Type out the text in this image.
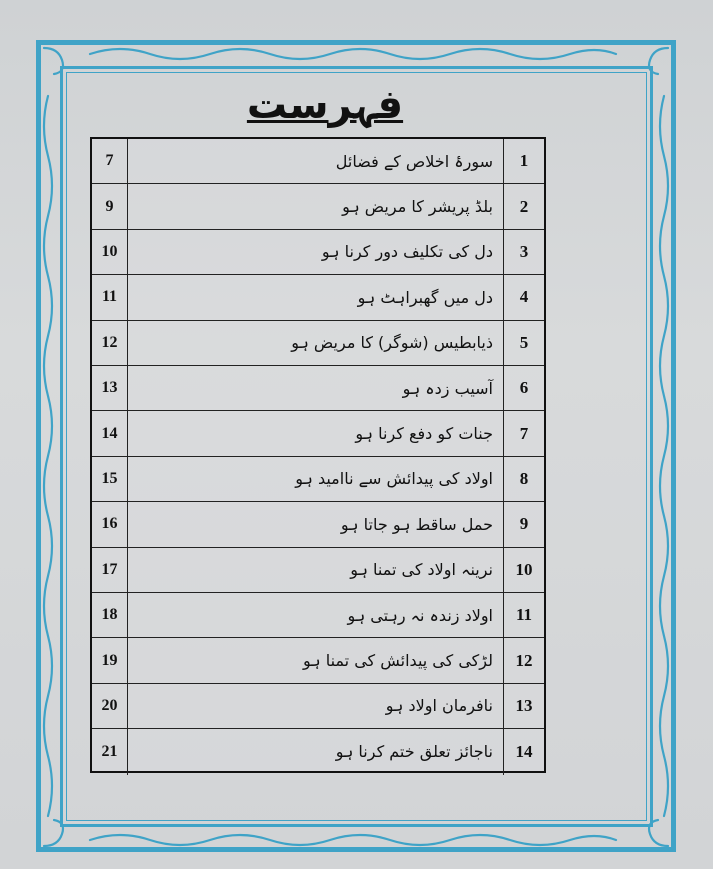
فہرست
7	سورۂ اخلاص کے فضائل	1
9	بلڈ پریشر کا مریض ہو	2
10	دل کی تکلیف دور کرنا ہو	3
11	دل میں گھبراہٹ ہو	4
12	ذیابطیس (شوگر) کا مریض ہو	5
13	آسیب زدہ ہو	6
14	جنات کو دفع کرنا ہو	7
15	اولاد کی پیدائش سے ناامید ہو	8
16	حمل ساقط ہو جاتا ہو	9
17	نرینہ اولاد کی تمنا ہو	10
18	اولاد زندہ نہ رہتی ہو	11
19	لڑکی کی پیدائش کی تمنا ہو	12
20	نافرمان اولاد ہو	13
21	ناجائز تعلق ختم کرنا ہو	14
